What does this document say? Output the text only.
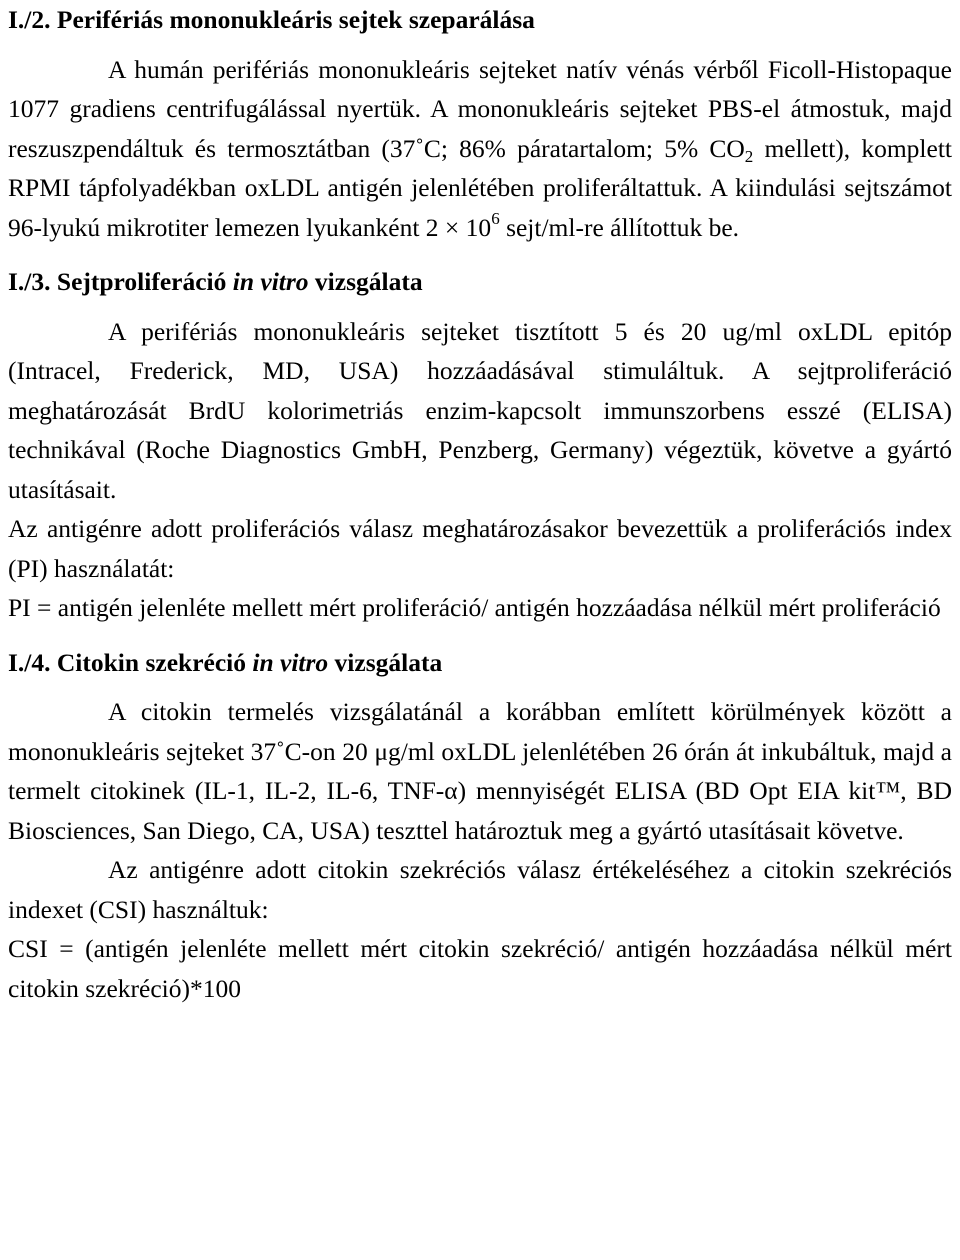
I./2. Perifériás mononukleáris sejtek szeparálása

A humán perifériás mononukleáris sejteket natív vénás vérből Ficoll-Histopaque 1077 gradiens centrifugálással nyertük. A mononukleáris sejteket PBS-el átmostuk, majd reszuszpendáltuk és termosztátban (37˚C; 86% páratartalom; 5% $CO_2$ mellett), komplett RPMI tápfolyadékban oxLDL antigén jelenlétében proliferáltattuk. A kiindulási sejtszámot 96-lyukú mikrotiter lemezen lyukanként $2 \times 10^6$ sejt/ml-re állítottuk be.

I./3. Sejtproliferáció in vitro vizsgálata

A perifériás mononukleáris sejteket tisztított 5 és 20 ug/ml oxLDL epitóp (Intracel, Frederick, MD, USA) hozzáadásával stimuláltuk. A sejtproliferáció meghatározását BrdU kolorimetriás enzim-kapcsolt immunszorbens esszé (ELISA) technikával (Roche Diagnostics GmbH, Penzberg, Germany) végeztük, követve a gyártó utasításait.

Az antigénre adott proliferációs válasz meghatározásakor bevezettük a proliferációs index (PI) használatát:

PI = antigén jelenléte mellett mért proliferáció/ antigén hozzáadása nélkül mért proliferáció

I./4. Citokin szekréció in vitro vizsgálata

A citokin termelés vizsgálatánál a korábban említett körülmények között a mononukleáris sejteket 37˚C-on 20 μg/ml oxLDL jelenlétében 26 órán át inkubáltuk, majd a termelt citokinek (IL-1, IL-2, IL-6, TNF-α) mennyiségét ELISA (BD Opt EIA kit™, BD Biosciences, San Diego, CA, USA) teszttel határoztuk meg a gyártó utasításait követve.

Az antigénre adott citokin szekréciós válasz értékeléséhez a citokin szekréciós indexet (CSI) használtuk:

CSI = (antigén jelenléte mellett mért citokin szekréció/ antigén hozzáadása nélkül mért citokin szekréció)*100
